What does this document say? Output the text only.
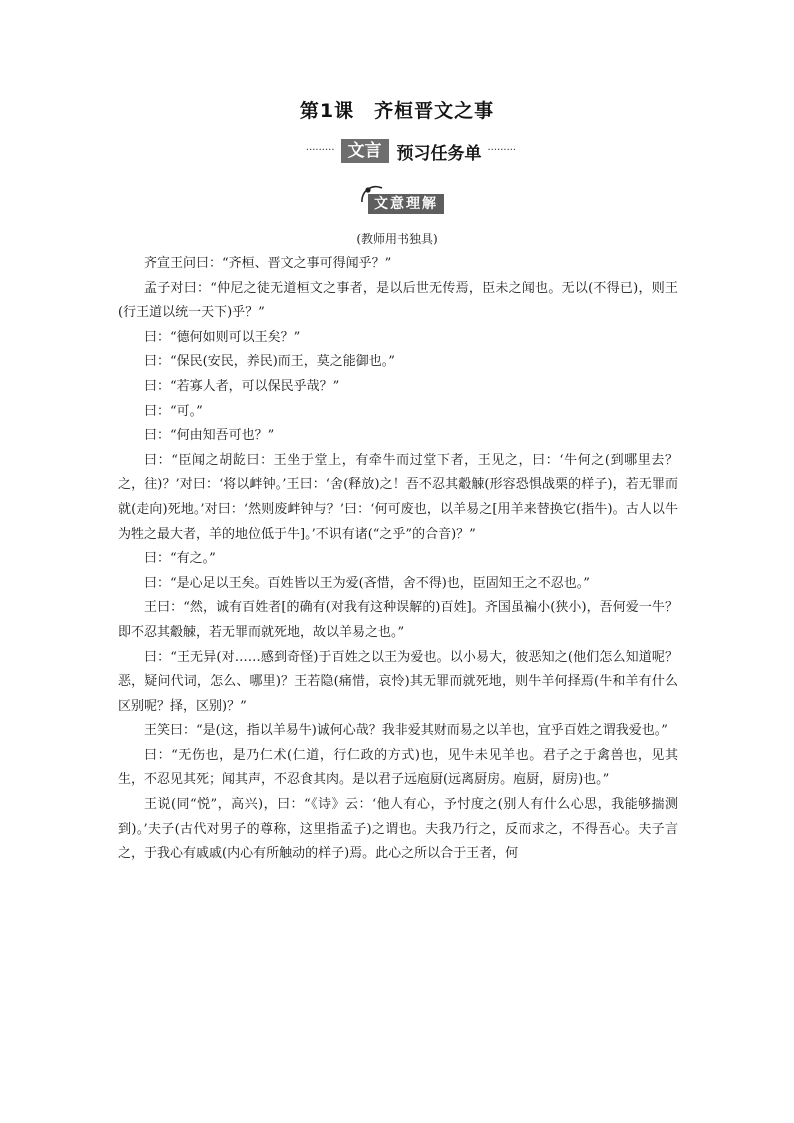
第1课　齐桓晋文之事
········· 文言 预习任务单 ·········
文意理解
(教师用书独具)

齐宣王问曰：“齐桓、晋文之事可得闻乎？”

孟子对曰：“仲尼之徒无道桓文之事者，是以后世无传焉，臣未之闻也。无以(不得已)，则王(行王道以统一天下)乎？”

曰：“德何如则可以王矣？”

曰：“保民(安民，养民)而王，莫之能御也。”

曰：“若寡人者，可以保民乎哉？”

曰：“可。”

曰：“何由知吾可也？”

曰：“臣闻之胡龁曰：王坐于堂上，有牵牛而过堂下者，王见之，曰：‘牛何之(到哪里去？之，往)？’对曰：‘将以衅钟。’王曰：‘舍(释放)之！吾不忍其觳觫(形容恐惧战栗的样子)，若无罪而就(走向)死地。’对曰：‘然则废衅钟与？’曰：‘何可废也，以羊易之[用羊来替换它(指牛)。古人以牛为牲之最大者，羊的地位低于牛]。’不识有诸(“之乎”的合音)？”

曰：“有之。”

曰：“是心足以王矣。百姓皆以王为爱(吝惜，舍不得)也，臣固知王之不忍也。”

王曰：“然，诚有百姓者[的确有(对我有这种误解的)百姓]。齐国虽褊小(狭小)，吾何爱一牛？即不忍其觳觫，若无罪而就死地，故以羊易之也。”

曰：“王无异(对……感到奇怪)于百姓之以王为爱也。以小易大，彼恶知之(他们怎么知道呢？恶，疑问代词，怎么、哪里)？王若隐(痛惜，哀怜)其无罪而就死地，则牛羊何择焉(牛和羊有什么区别呢？择，区别)？”

王笑曰：“是(这，指以羊易牛)诚何心哉？我非爱其财而易之以羊也，宜乎百姓之谓我爱也。”

曰：“无伤也，是乃仁术(仁道，行仁政的方式)也，见牛未见羊也。君子之于禽兽也，见其生，不忍见其死；闻其声，不忍食其肉。是以君子远庖厨(远离厨房。庖厨，厨房)也。”

王说(同“悦”，高兴)，曰：“《诗》云：‘他人有心，予忖度之(别人有什么心思，我能够揣测到)。’夫子(古代对男子的尊称，这里指孟子)之谓也。夫我乃行之，反而求之，不得吾心。夫子言之，于我心有戚戚(内心有所触动的样子)焉。此心之所以合于王者，何
